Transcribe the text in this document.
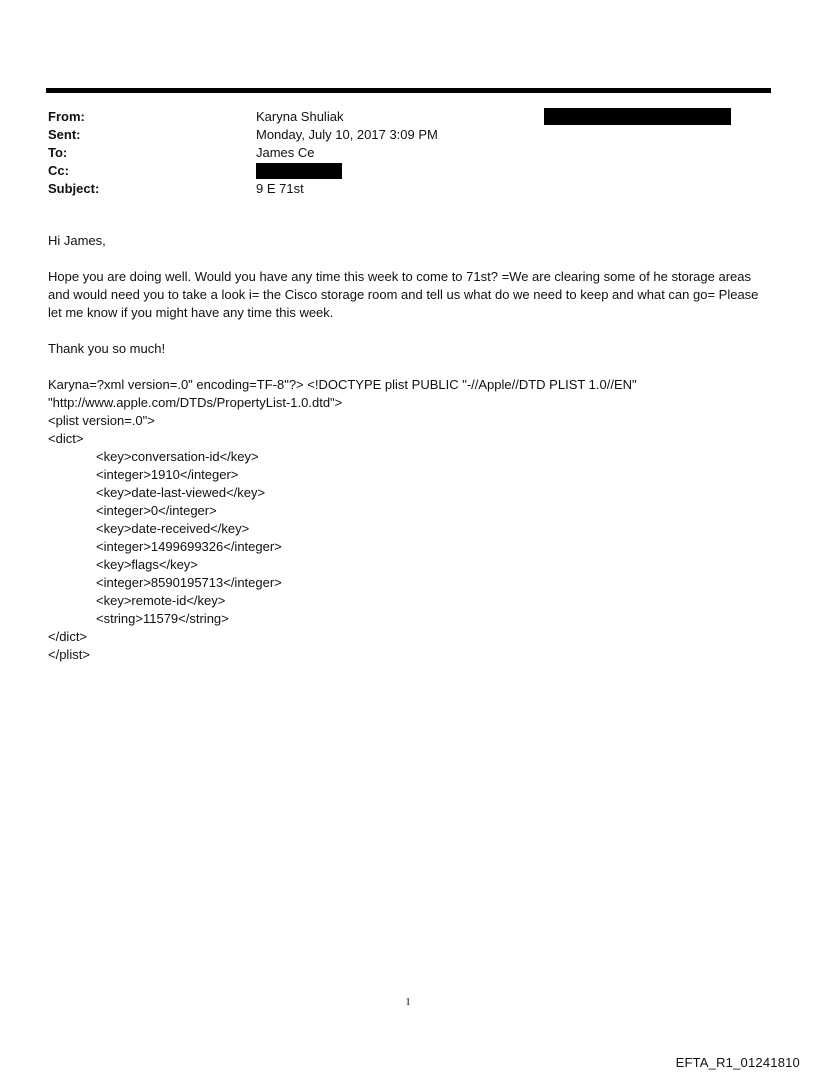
From:	Karyna Shuliak
Sent:	Monday, July 10, 2017 3:09 PM
To:	James Ce
Cc:
Subject:	9 E 71st

Hi James,

Hope you are doing well. Would you have any time this week to come to 71st? =We are clearing some of he storage areas and would need you to take a look i= the Cisco storage room and tell us what do we need to keep and what can go= Please let me know if you might have any time this week.

Thank you so much!

Karyna=?xml version=.0" encoding=TF-8"?> <!DOCTYPE plist PUBLIC "-//Apple//DTD PLIST 1.0//EN"

"http://www.apple.com/DTDs/PropertyList-1.0.dtd">

<plist version=.0">

<dict>

<key>conversation-id</key>

<integer>1910</integer>

<key>date-last-viewed</key>

<integer>0</integer>

<key>date-received</key>

<integer>1499699326</integer>

<key>flags</key>

<integer>8590195713</integer>

<key>remote-id</key>

<string>11579</string>

</dict>

</plist>

1
EFTA_R1_01241810
